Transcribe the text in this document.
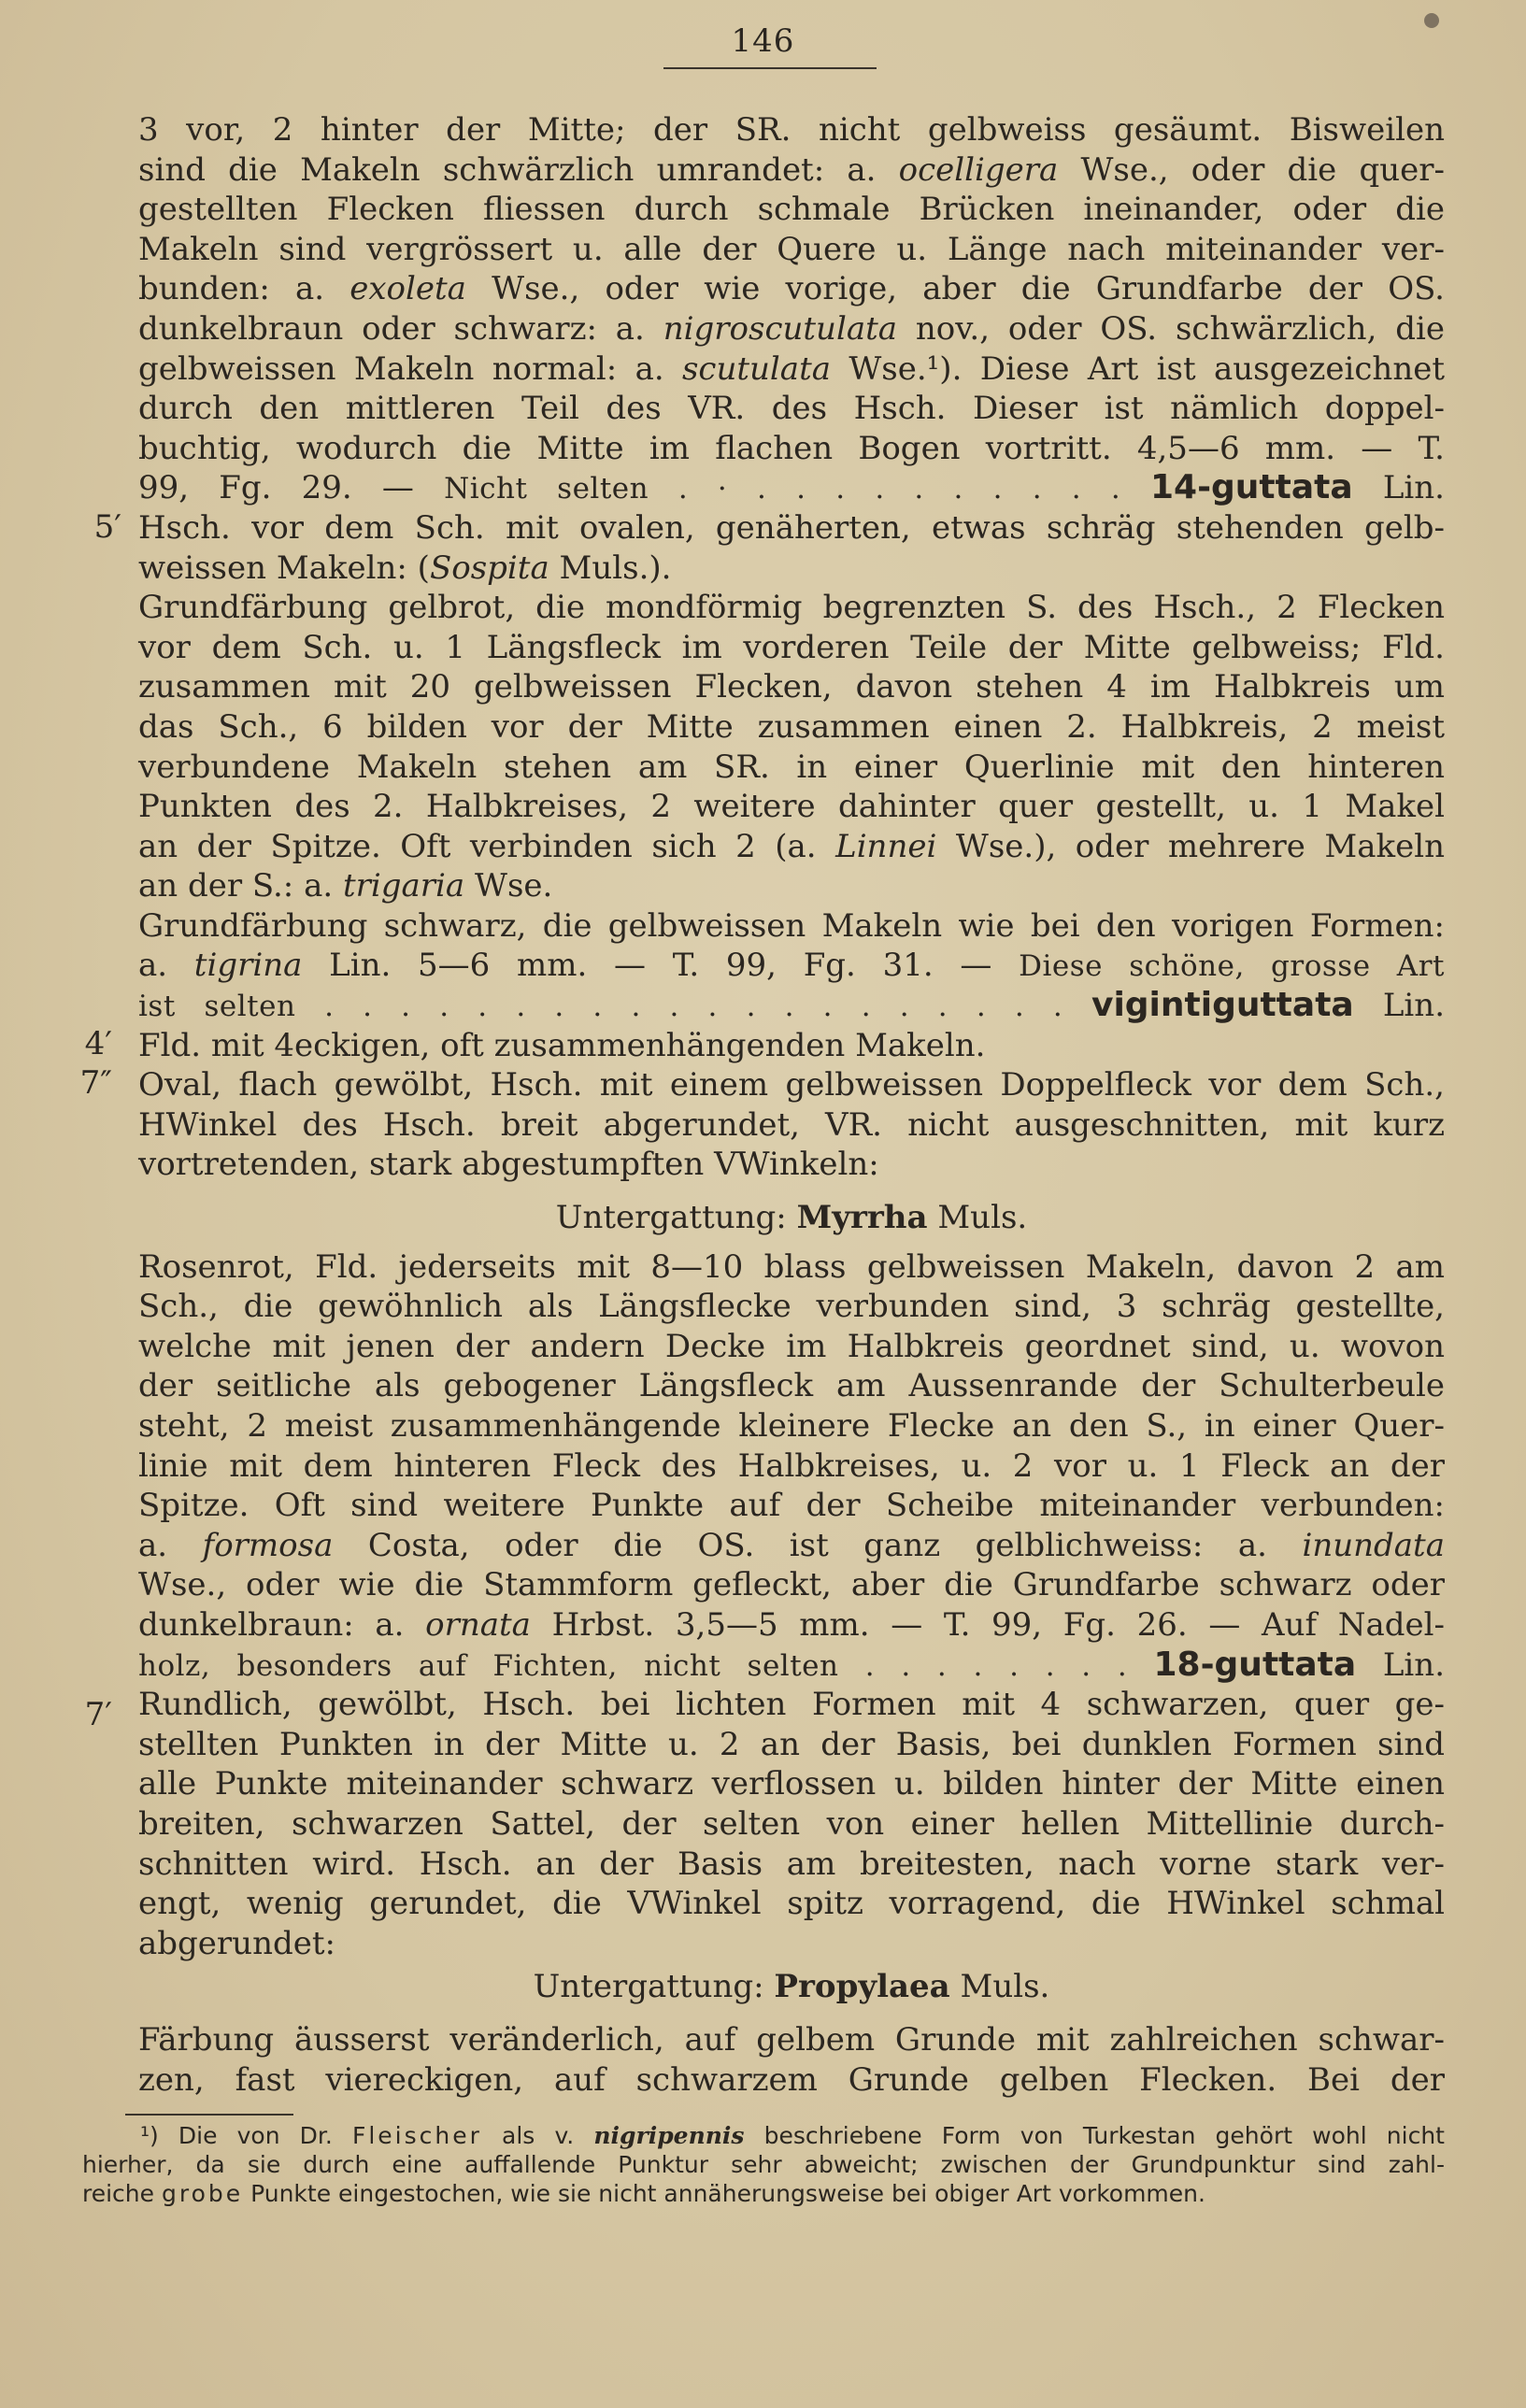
146
5′
4′
7″
7′
3 vor, 2 hinter der Mitte; der SR. nicht gelbweiss gesäumt. Bisweilen
sind die Makeln schwärzlich umrandet: a. ocelligera Wse., oder die quer-
gestellten Flecken fliessen durch schmale Brücken ineinander, oder die
Makeln sind vergrössert u. alle der Quere u. Länge nach miteinander ver-
bunden: a. exoleta Wse., oder wie vorige, aber die Grundfarbe der OS.
dunkelbraun oder schwarz: a. nigroscutulata nov., oder OS. schwärzlich, die
gelbweissen Makeln normal: a. scutulata Wse.¹). Diese Art ist ausgezeichnet
durch den mittleren Teil des VR. des Hsch. Dieser ist nämlich doppel-
buchtig, wodurch die Mitte im flachen Bogen vortritt. 4,5—6 mm. — T.
99, Fg. 29. — Nicht selten . · . . . . . . . . . . 14-guttata Lin.
Hsch. vor dem Sch. mit ovalen, genäherten, etwas schräg stehenden gelb-
weissen Makeln: (Sospita Muls.).
Grundfärbung gelbrot, die mondförmig begrenzten S. des Hsch., 2 Flecken
vor dem Sch. u. 1 Längsfleck im vorderen Teile der Mitte gelbweiss; Fld.
zusammen mit 20 gelbweissen Flecken, davon stehen 4 im Halbkreis um
das Sch., 6 bilden vor der Mitte zusammen einen 2. Halbkreis, 2 meist
verbundene Makeln stehen am SR. in einer Querlinie mit den hinteren
Punkten des 2. Halbkreises, 2 weitere dahinter quer gestellt, u. 1 Makel
an der Spitze. Oft verbinden sich 2 (a. Linnei Wse.), oder mehrere Makeln
an der S.: a. trigaria Wse.
Grundfärbung schwarz, die gelbweissen Makeln wie bei den vorigen Formen:
a. tigrina Lin. 5—6 mm. — T. 99, Fg. 31. — Diese schöne, grosse Art
ist selten . . . . . . . . . . . . . . . . . . . . vigintiguttata Lin.
Fld. mit 4eckigen, oft zusammenhängenden Makeln.
Oval, flach gewölbt, Hsch. mit einem gelbweissen Doppelfleck vor dem Sch.,
HWinkel des Hsch. breit abgerundet, VR. nicht ausgeschnitten, mit kurz
vortretenden, stark abgestumpften VWinkeln:
Untergattung: Myrrha Muls.
Rosenrot, Fld. jederseits mit 8—10 blass gelbweissen Makeln, davon 2 am
Sch., die gewöhnlich als Längsflecke verbunden sind, 3 schräg gestellte,
welche mit jenen der andern Decke im Halbkreis geordnet sind, u. wovon
der seitliche als gebogener Längsfleck am Aussenrande der Schulterbeule
steht, 2 meist zusammenhängende kleinere Flecke an den S., in einer Quer-
linie mit dem hinteren Fleck des Halbkreises, u. 2 vor u. 1 Fleck an der
Spitze. Oft sind weitere Punkte auf der Scheibe miteinander verbunden:
a. formosa Costa, oder die OS. ist ganz gelblichweiss: a. inundata
Wse., oder wie die Stammform gefleckt, aber die Grundfarbe schwarz oder
dunkelbraun: a. ornata Hrbst. 3,5—5 mm. — T. 99, Fg. 26. — Auf Nadel-
holz, besonders auf Fichten, nicht selten . . . . . . . . 18-guttata Lin.
Rundlich, gewölbt, Hsch. bei lichten Formen mit 4 schwarzen, quer ge-
stellten Punkten in der Mitte u. 2 an der Basis, bei dunklen Formen sind
alle Punkte miteinander schwarz verflossen u. bilden hinter der Mitte einen
breiten, schwarzen Sattel, der selten von einer hellen Mittellinie durch-
schnitten wird. Hsch. an der Basis am breitesten, nach vorne stark ver-
engt, wenig gerundet, die VWinkel spitz vorragend, die HWinkel schmal
abgerundet:
Untergattung: Propylaea Muls.
Färbung äusserst veränderlich, auf gelbem Grunde mit zahlreichen schwar-
zen, fast viereckigen, auf schwarzem Grunde gelben Flecken. Bei der
¹) Die von Dr. Fleischer als v. nigripennis beschriebene Form von Turkestan gehört wohl nicht
hierher, da sie durch eine auffallende Punktur sehr abweicht; zwischen der Grundpunktur sind zahl-
reiche grobe Punkte eingestochen, wie sie nicht annäherungsweise bei obiger Art vorkommen.
